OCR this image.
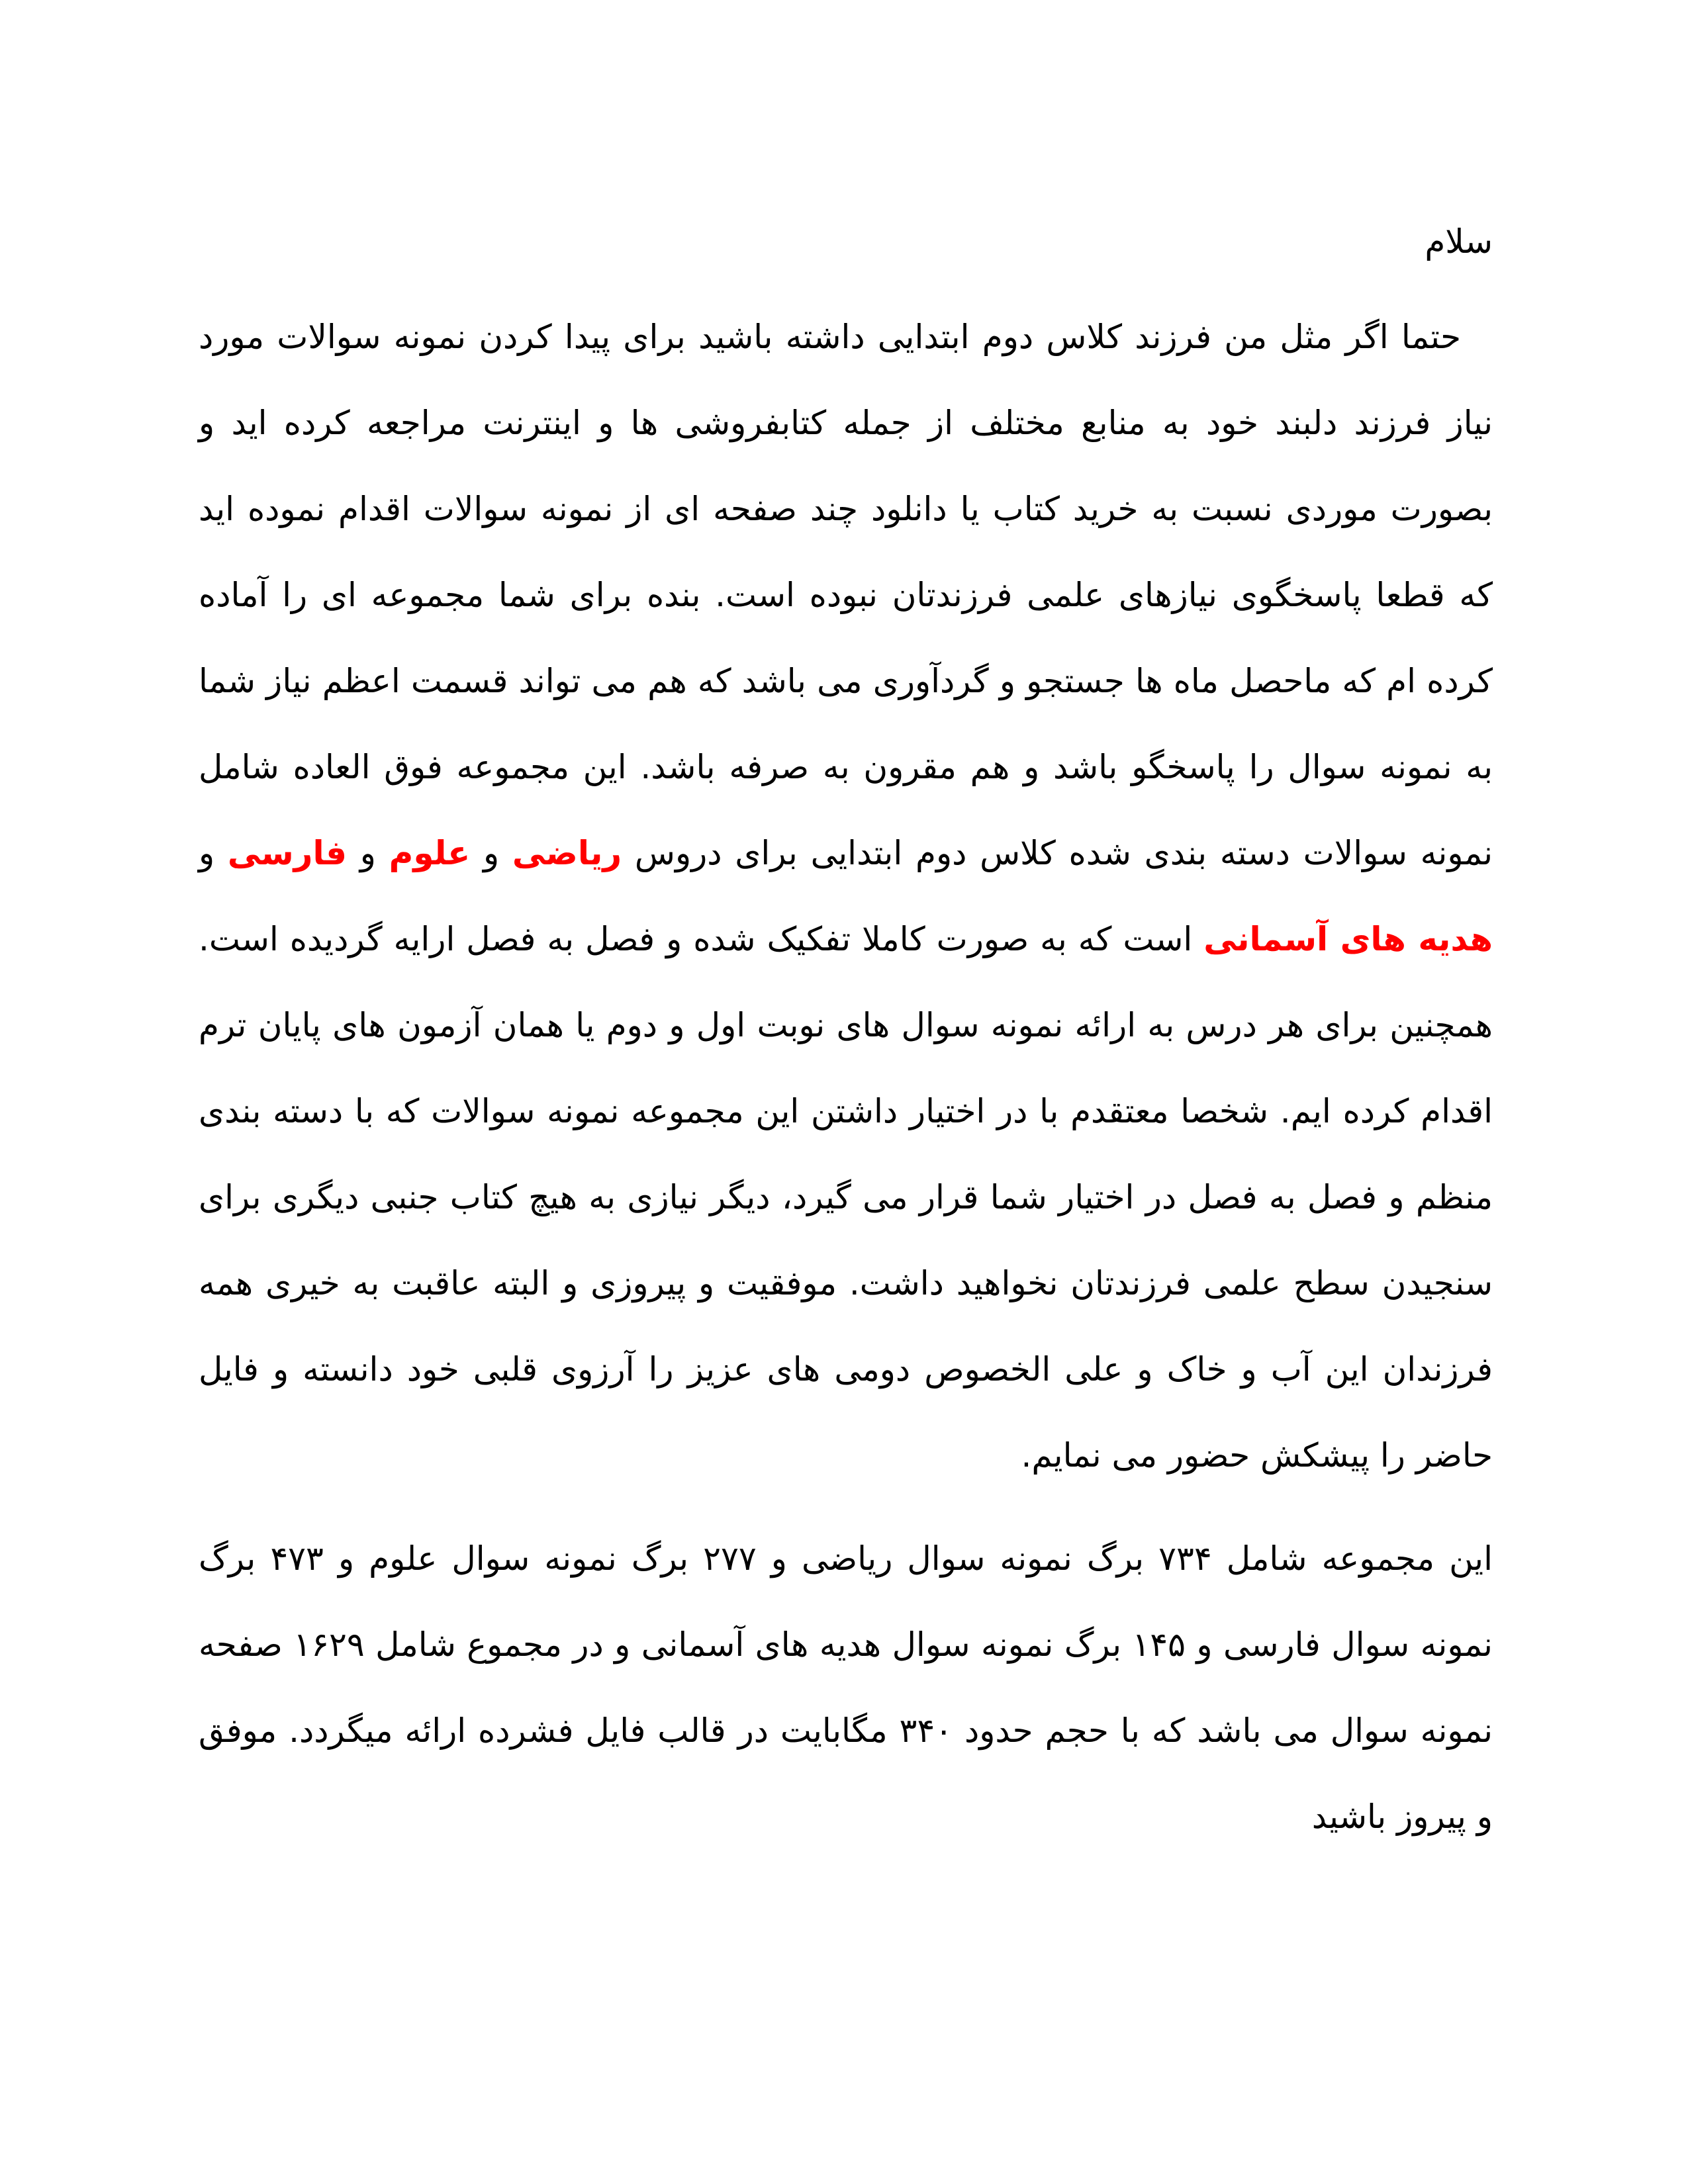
سلام

حتما اگر مثل من فرزند کلاس دوم ابتدایی داشته باشید برای پیدا کردن نمونه سوالات مورد نیاز فرزند دلبند خود به منابع مختلف از جمله کتابفروشی ها و اینترنت مراجعه کرده اید و بصورت موردی نسبت به خرید کتاب یا دانلود چند صفحه ای از نمونه سوالات اقدام نموده اید که قطعا پاسخگوی نیازهای علمی فرزندتان نبوده است. بنده برای شما مجموعه ای را آماده کرده ام که ماحصل ماه ها جستجو و گردآوری می باشد که هم می تواند قسمت اعظم نیاز شما به نمونه سوال را پاسخگو باشد و هم مقرون به صرفه باشد. این مجموعه فوق العاده شامل نمونه سوالات دسته بندی شده کلاس دوم ابتدایی برای دروس ریاضی و علوم و فارسی و هدیه های آسمانی است که به صورت کاملا تفکیک شده و فصل به فصل ارایه گردیده است. همچنین برای هر درس به ارائه نمونه سوال های نوبت اول و دوم یا همان آزمون های پایان ترم اقدام کرده ایم. شخصا معتقدم با در اختیار داشتن این مجموعه نمونه سوالات که با دسته بندی منظم و فصل به فصل در اختیار شما قرار می گیرد، دیگر نیازی به هیچ کتاب جنبی دیگری برای سنجیدن سطح علمی فرزندتان نخواهید داشت. موفقیت و پیروزی و البته عاقبت به خیری همه فرزندان این آب و خاک و علی الخصوص دومی های عزیز را آرزوی قلبی خود دانسته و فایل حاضر را پیشکش حضور می نمایم.

این مجموعه شامل ۷۳۴ برگ نمونه سوال ریاضی و ۲۷۷ برگ نمونه سوال علوم و ۴۷۳ برگ نمونه سوال فارسی و ۱۴۵ برگ نمونه سوال هدیه های آسمانی و در مجموع شامل ۱۶۲۹ صفحه نمونه سوال می باشد که با حجم حدود ۳۴۰ مگابایت در قالب فایل فشرده ارائه میگردد. موفق و پیروز باشید
